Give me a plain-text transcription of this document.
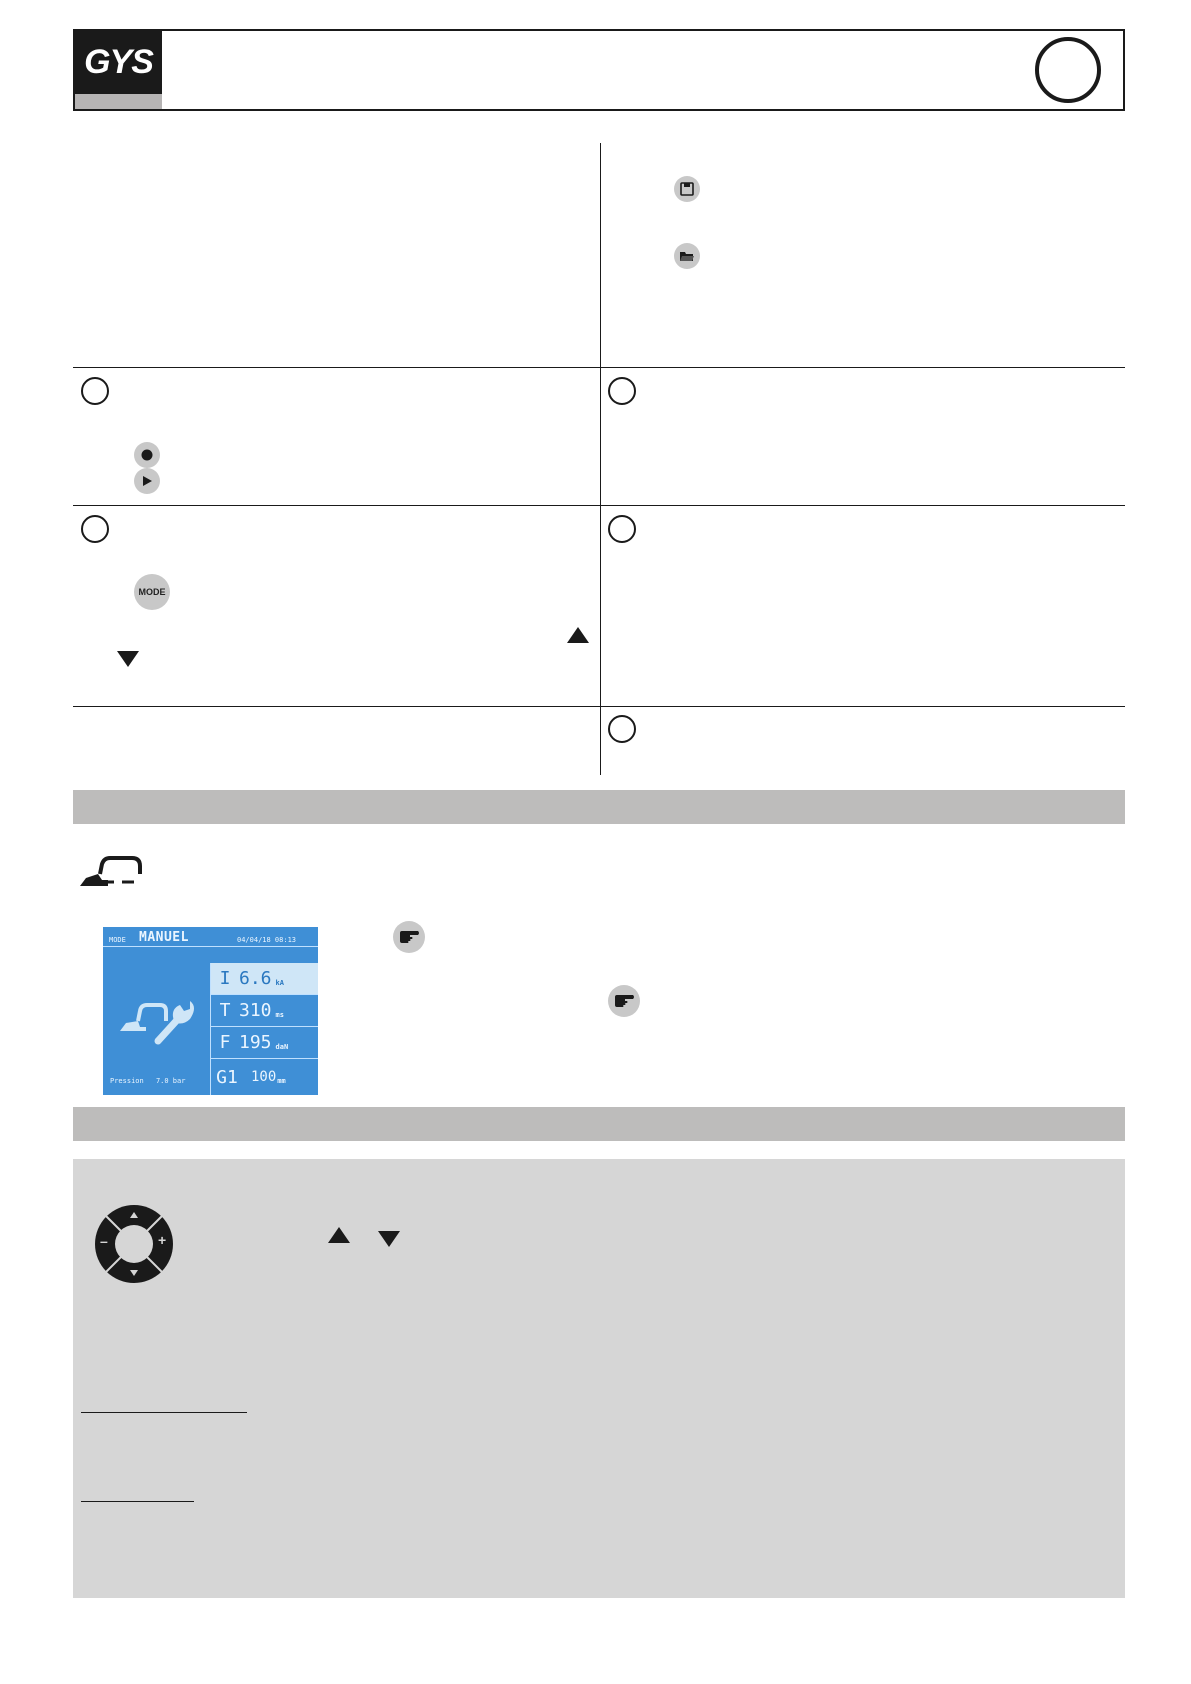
GYS
MODE
MODE MANUEL	04/04/18 08:13
I 6.6 kA
T 310 ms
F 195 daN
G1 100 mm
Pression 7.0 bar
–	+
